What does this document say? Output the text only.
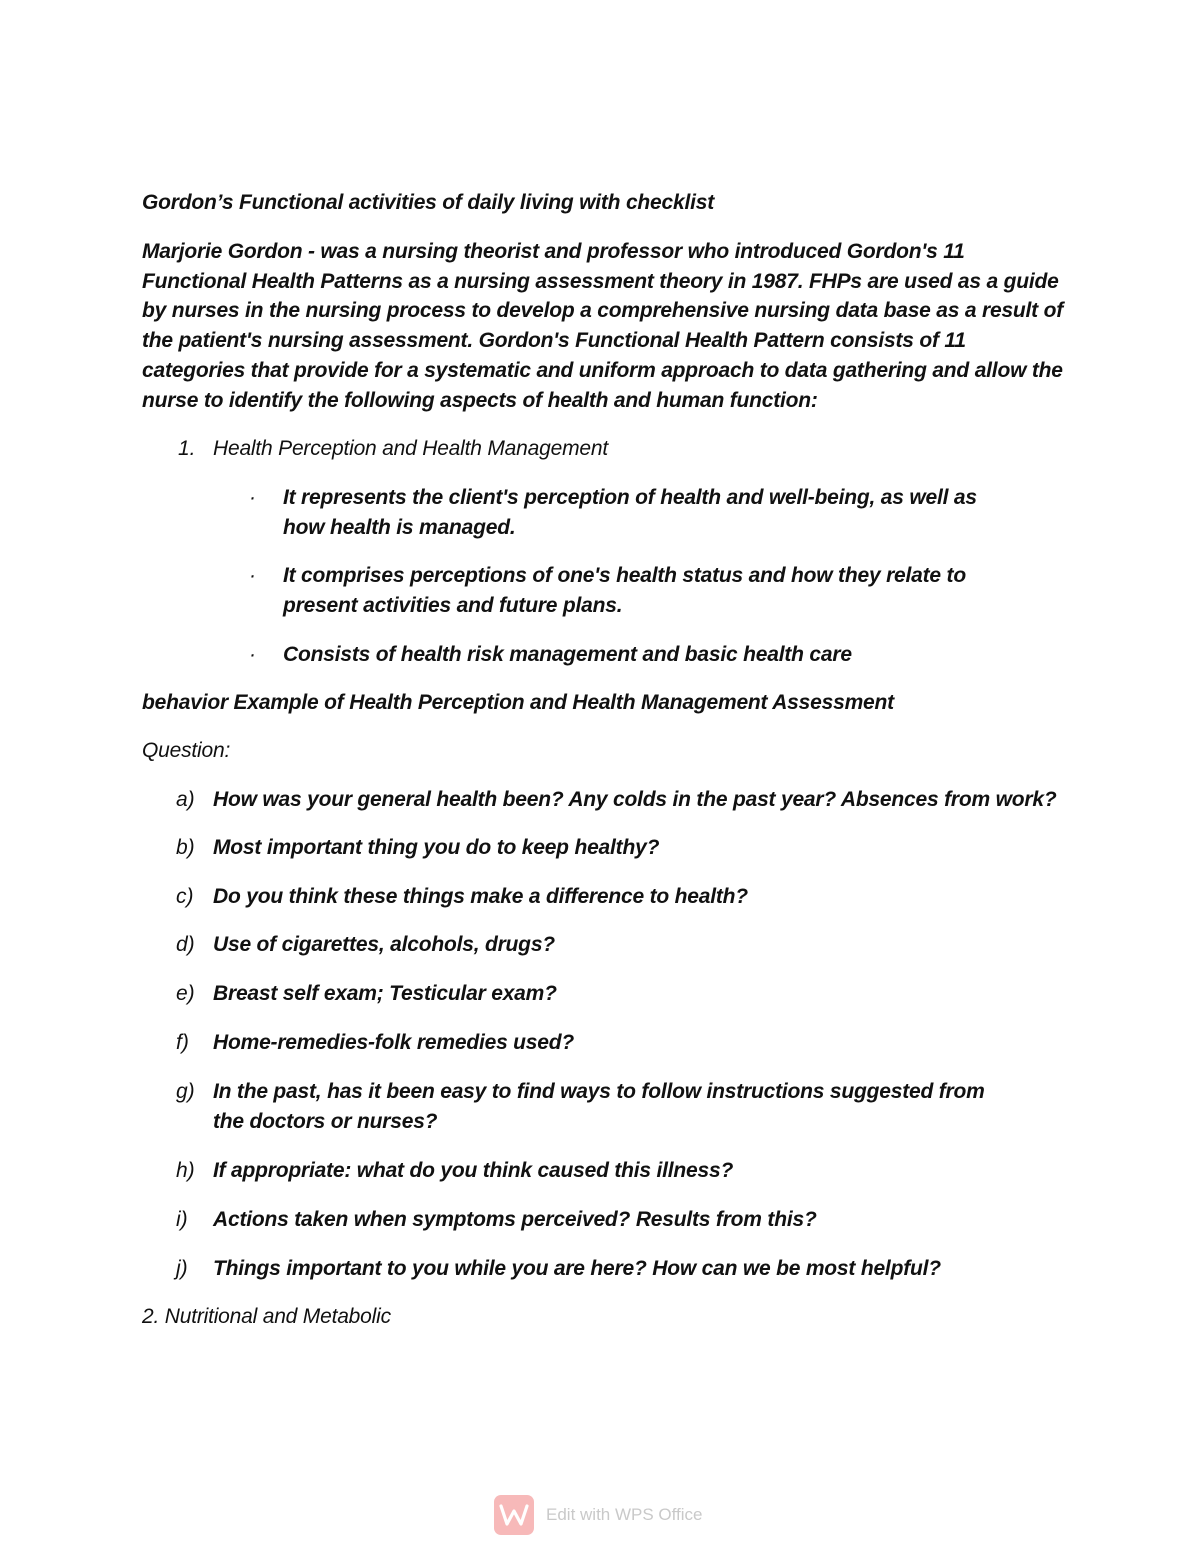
Gordon’s Functional activities of daily living with checklist
Marjorie Gordon - was a nursing theorist and professor who introduced Gordon's 11 Functional Health Patterns as a nursing assessment theory in 1987. FHPs are used as a guide by nurses in the nursing process to develop a comprehensive nursing data base as a result of the patient's nursing assessment. Gordon's Functional Health Pattern consists of 11 categories that provide for a systematic and uniform approach to data gathering and allow the nurse to identify the following aspects of health and human function:
1. Health Perception and Health Management
· It represents the client's perception of health and well-being, as well as how health is managed.
· It comprises perceptions of one's health status and how they relate to present activities and future plans.
· Consists of health risk management and basic health care
behavior Example of Health Perception and Health Management Assessment
Question:
a) How was your general health been? Any colds in the past year? Absences from work?
b) Most important thing you do to keep healthy?
c) Do you think these things make a difference to health?
d) Use of cigarettes, alcohols, drugs?
e) Breast self exam; Testicular exam?
f) Home-remedies-folk remedies used?
g) In the past, has it been easy to find ways to follow instructions suggested from the doctors or nurses?
h) If appropriate: what do you think caused this illness?
i) Actions taken when symptoms perceived? Results from this?
j) Things important to you while you are here? How can we be most helpful?
2. Nutritional and Metabolic
Edit with WPS Office
